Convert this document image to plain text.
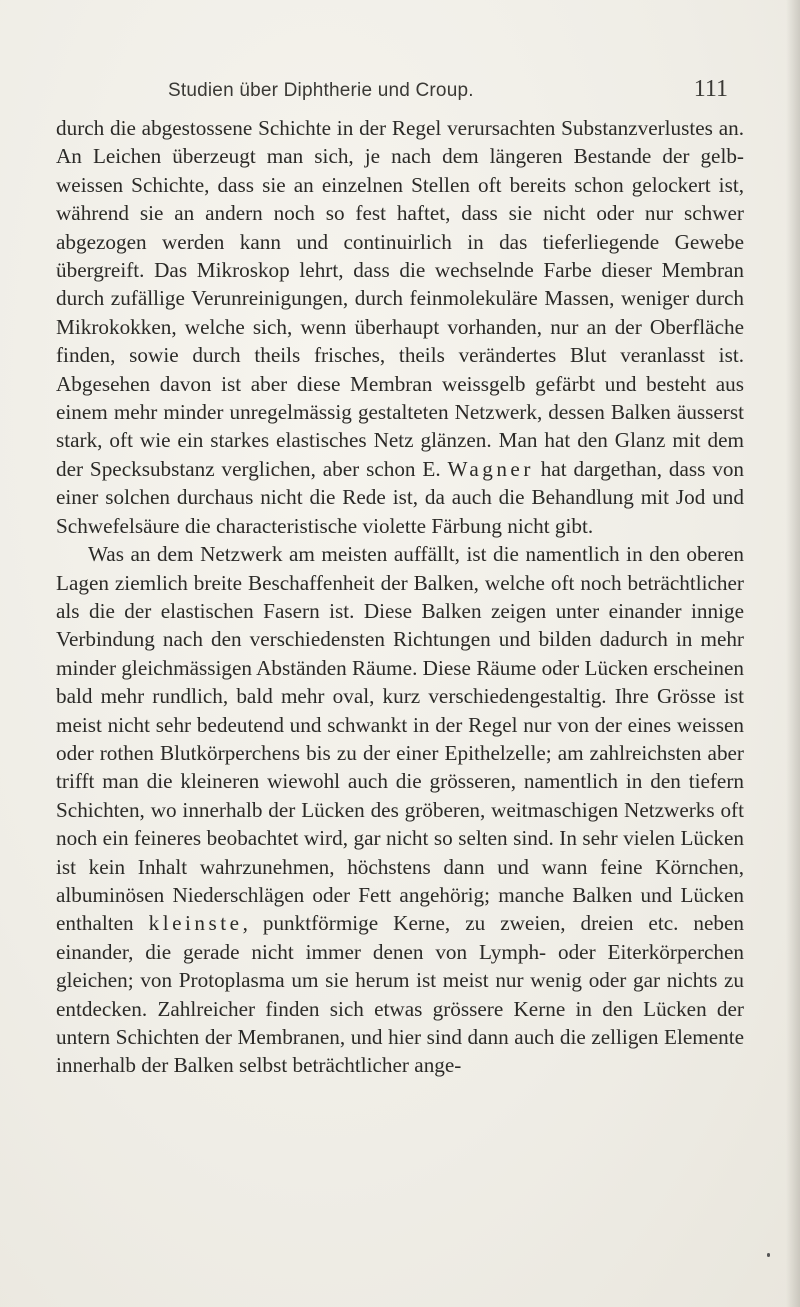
Studien über Diphtherie und Croup.	111

durch die abgestossene Schichte in der Regel verursachten Substanzverlustes an. An Leichen überzeugt man sich, je nach dem längeren Bestande der gelb-weissen Schichte, dass sie an einzelnen Stellen oft bereits schon gelockert ist, während sie an andern noch so fest haftet, dass sie nicht oder nur schwer abgezogen werden kann und continuirlich in das tieferliegende Gewebe übergreift. Das Mikroskop lehrt, dass die wechselnde Farbe dieser Membran durch zufällige Verunreinigungen, durch feinmolekuläre Massen, weniger durch Mikrokokken, welche sich, wenn überhaupt vorhanden, nur an der Oberfläche finden, sowie durch theils frisches, theils verändertes Blut veranlasst ist. Abgesehen davon ist aber diese Membran weissgelb gefärbt und besteht aus einem mehr minder unregelmässig gestalteten Netzwerk, dessen Balken äusserst stark, oft wie ein starkes elastisches Netz glänzen. Man hat den Glanz mit dem der Specksubstanz verglichen, aber schon E. Wagner hat dargethan, dass von einer solchen durchaus nicht die Rede ist, da auch die Behandlung mit Jod und Schwefelsäure die characteristische violette Färbung nicht gibt.

Was an dem Netzwerk am meisten auffällt, ist die namentlich in den oberen Lagen ziemlich breite Beschaffenheit der Balken, welche oft noch beträchtlicher als die der elastischen Fasern ist. Diese Balken zeigen unter einander innige Verbindung nach den verschiedensten Richtungen und bilden dadurch in mehr minder gleichmässigen Abständen Räume. Diese Räume oder Lücken erscheinen bald mehr rundlich, bald mehr oval, kurz verschiedengestaltig. Ihre Grösse ist meist nicht sehr bedeutend und schwankt in der Regel nur von der eines weissen oder rothen Blutkörperchens bis zu der einer Epithelzelle; am zahlreichsten aber trifft man die kleineren wiewohl auch die grösseren, namentlich in den tiefern Schichten, wo innerhalb der Lücken des gröberen, weitmaschigen Netzwerks oft noch ein feineres beobachtet wird, gar nicht so selten sind. In sehr vielen Lücken ist kein Inhalt wahrzunehmen, höchstens dann und wann feine Körnchen, albuminösen Niederschlägen oder Fett angehörig; manche Balken und Lücken enthalten kleinste, punktförmige Kerne, zu zweien, dreien etc. neben einander, die gerade nicht immer denen von Lymph- oder Eiterkörperchen gleichen; von Protoplasma um sie herum ist meist nur wenig oder gar nichts zu entdecken. Zahlreicher finden sich etwas grössere Kerne in den Lücken der untern Schichten der Membranen, und hier sind dann auch die zelligen Elemente innerhalb der Balken selbst beträchtlicher ange-
